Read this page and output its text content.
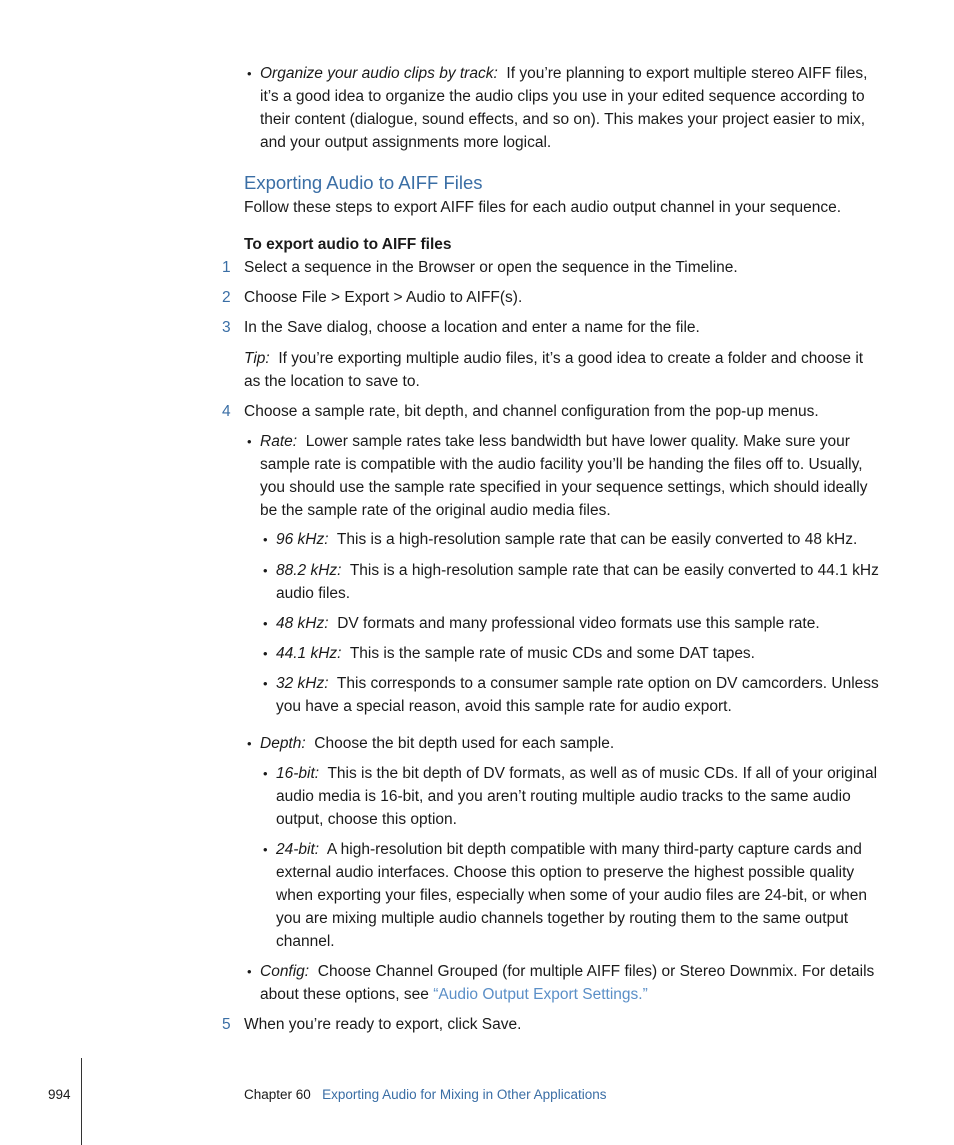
• Organize your audio clips by track: If you’re planning to export multiple stereo AIFF files, it’s a good idea to organize the audio clips you use in your edited sequence according to their content (dialogue, sound effects, and so on). This makes your project easier to mix, and your output assignments more logical.

Exporting Audio to AIFF Files

Follow these steps to export AIFF files for each audio output channel in your sequence.

To export audio to AIFF files
1 Select a sequence in the Browser or open the sequence in the Timeline.

2 Choose File > Export > Audio to AIFF(s).

3 In the Save dialog, choose a location and enter a name for the file.

Tip: If you’re exporting multiple audio files, it’s a good idea to create a folder and choose it as the location to save to.

4 Choose a sample rate, bit depth, and channel configuration from the pop-up menus.

• Rate: Lower sample rates take less bandwidth but have lower quality. Make sure your sample rate is compatible with the audio facility you’ll be handing the files off to. Usually, you should use the sample rate specified in your sequence settings, which should ideally be the sample rate of the original audio media files.

• 96 kHz: This is a high-resolution sample rate that can be easily converted to 48 kHz.

• 88.2 kHz: This is a high-resolution sample rate that can be easily converted to 44.1 kHz audio files.

• 48 kHz: DV formats and many professional video formats use this sample rate.

• 44.1 kHz: This is the sample rate of music CDs and some DAT tapes.

• 32 kHz: This corresponds to a consumer sample rate option on DV camcorders. Unless you have a special reason, avoid this sample rate for audio export.

• Depth: Choose the bit depth used for each sample.

• 16-bit: This is the bit depth of DV formats, as well as of music CDs. If all of your original audio media is 16-bit, and you aren’t routing multiple audio tracks to the same audio output, choose this option.

• 24-bit: A high-resolution bit depth compatible with many third-party capture cards and external audio interfaces. Choose this option to preserve the highest possible quality when exporting your files, especially when some of your audio files are 24-bit, or when you are mixing multiple audio channels together by routing them to the same output channel.

• Config: Choose Channel Grouped (for multiple AIFF files) or Stereo Downmix. For details about these options, see “Audio Output Export Settings.”

5 When you’re ready to export, click Save.

994	Chapter 60 Exporting Audio for Mixing in Other Applications
